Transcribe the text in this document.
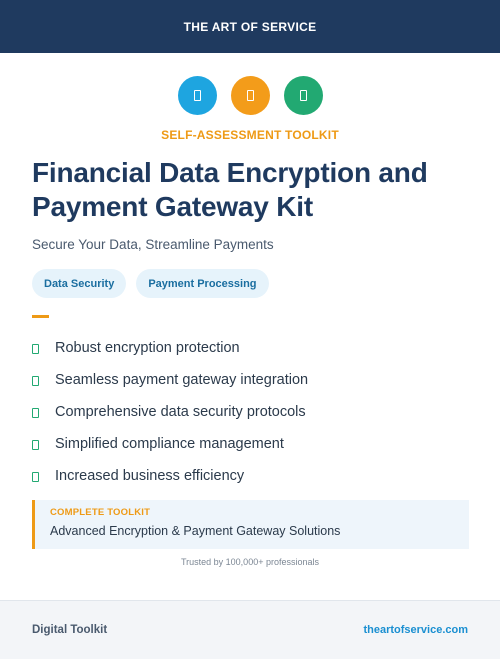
THE ART OF SERVICE
SELF-ASSESSMENT TOOLKIT
Financial Data Encryption and Payment Gateway Kit
Secure Your Data, Streamline Payments
Data Security	Payment Processing
Robust encryption protection
Seamless payment gateway integration
Comprehensive data security protocols
Simplified compliance management
Increased business efficiency
COMPLETE TOOLKIT
Advanced Encryption & Payment Gateway Solutions
Trusted by 100,000+ professionals
Digital Toolkit	theartofservice.com
